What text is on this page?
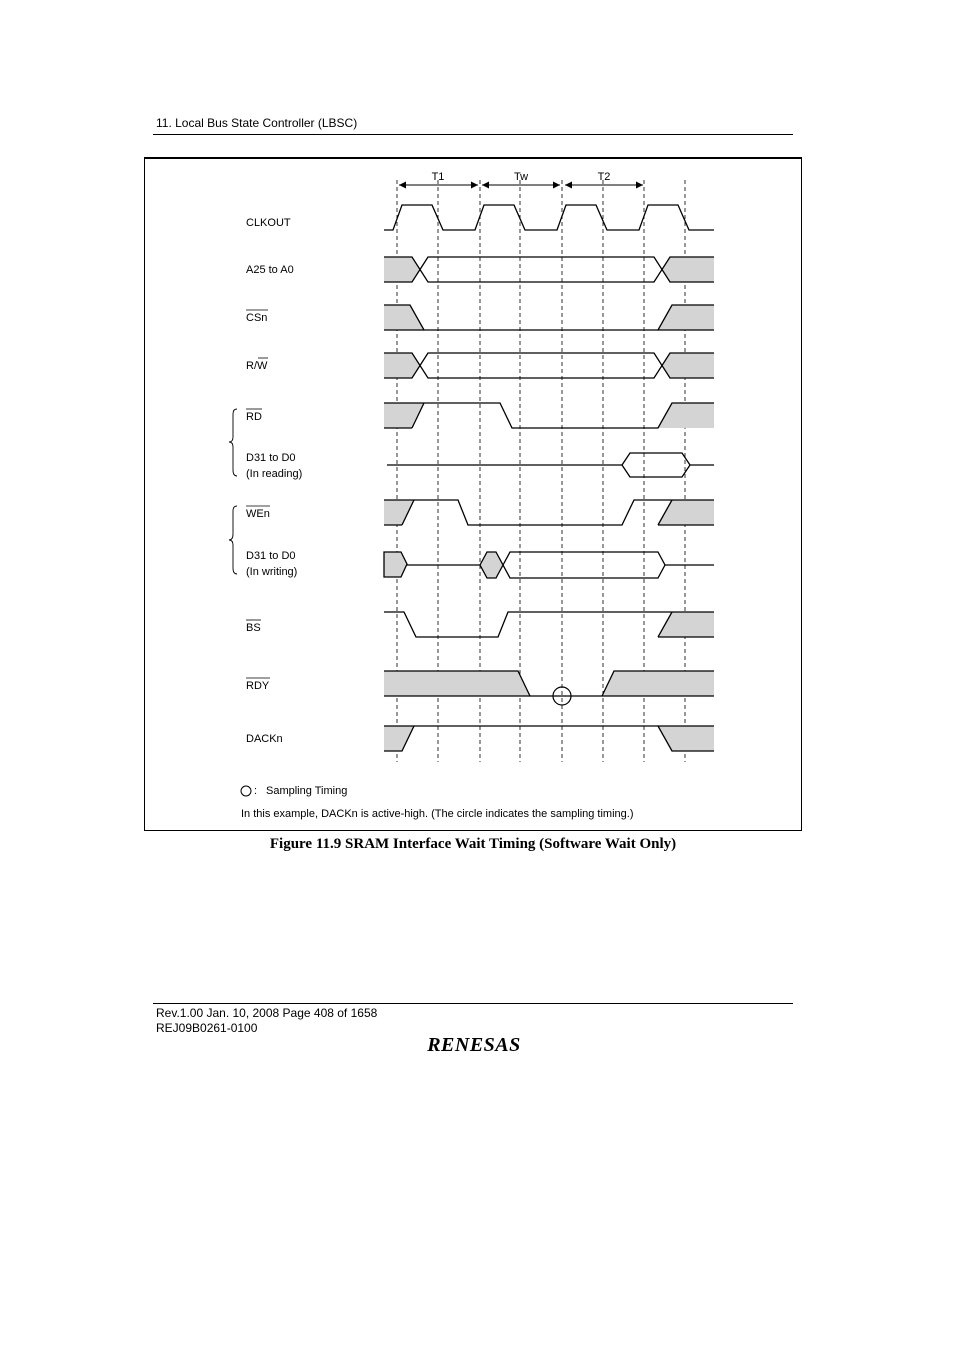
11. Local Bus State Controller (LBSC)
T1	Tw	T2
CLKOUT
A25 to A0
CSn
R/W
RD
D31 to D0
(In reading)
WEn
D31 to D0
(In writing)
BS
RDY
DACKn
: Sampling Timing
In this example, DACKn is active-high. (The circle indicates the sampling timing.)
Figure 11.9 SRAM Interface Wait Timing (Software Wait Only)
Rev.1.00 Jan. 10, 2008 Page 408 of 1658
REJ09B0261-0100
RENESAS
